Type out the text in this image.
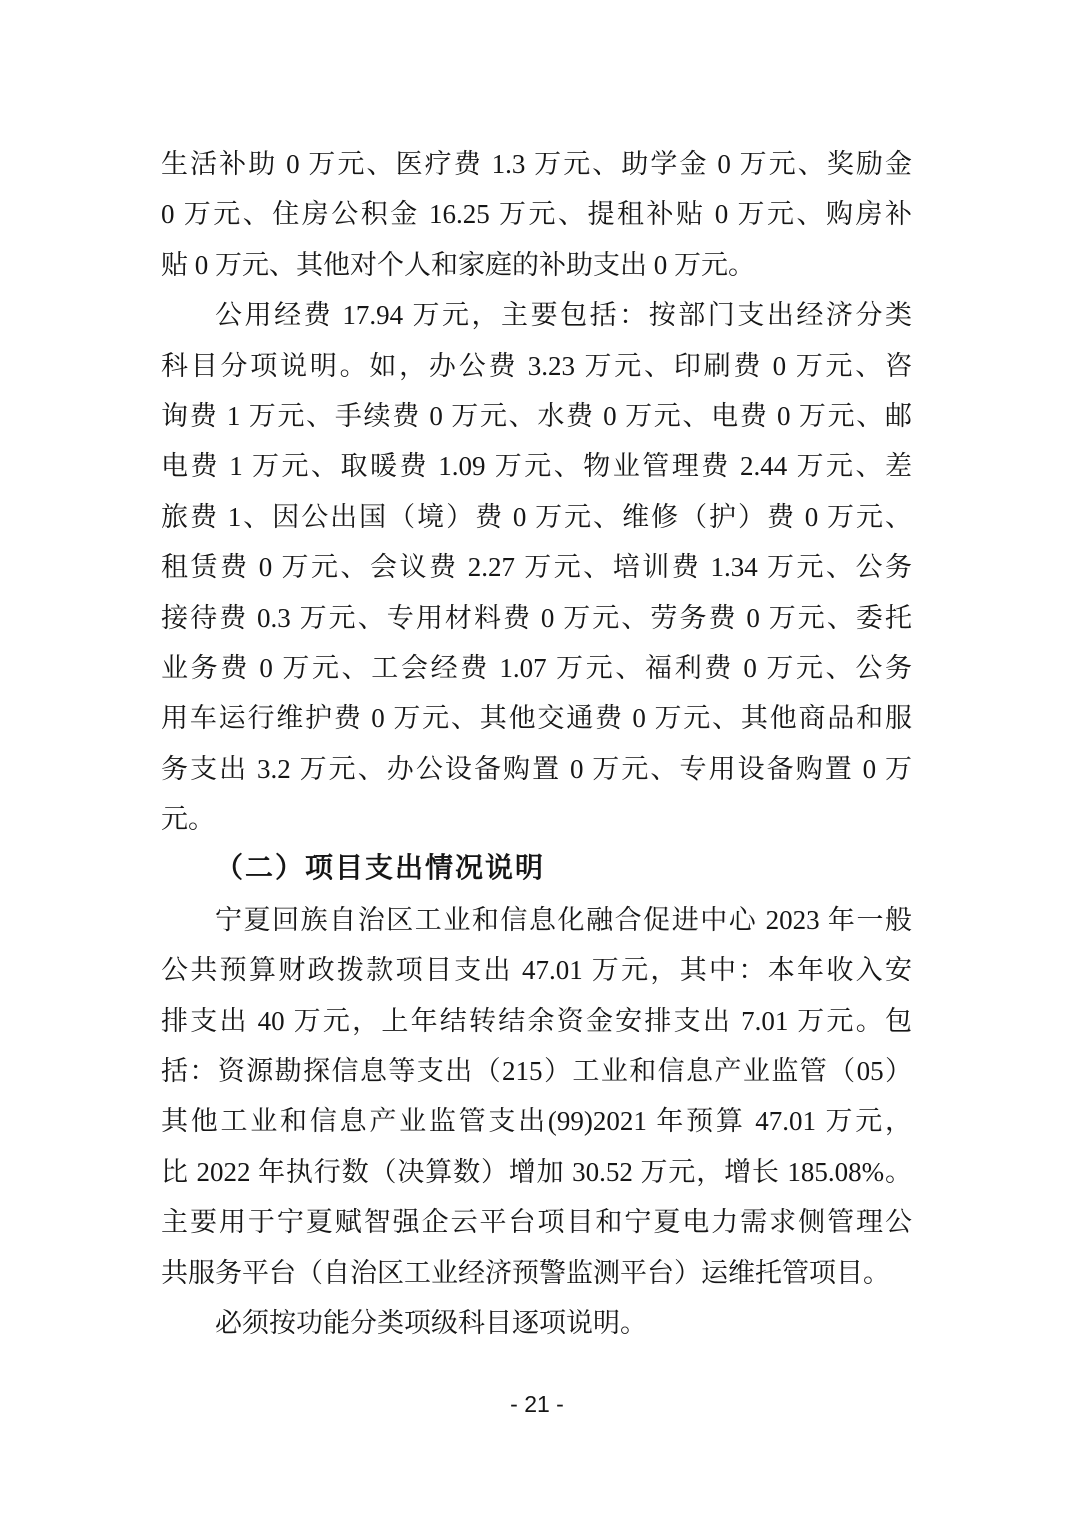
生活补助 0 万元、医疗费 1.3 万元、助学金 0 万元、奖励金
0 万元、住房公积金 16.25 万元、提租补贴 0 万元、购房补
贴 0 万元、其他对个人和家庭的补助支出 0 万元。
公用经费 17.94 万元，主要包括：按部门支出经济分类
科目分项说明。如，办公费 3.23 万元、印刷费 0 万元、咨
询费 1 万元、手续费 0 万元、水费 0 万元、电费 0 万元、邮
电费 1 万元、取暖费 1.09 万元、物业管理费 2.44 万元、差
旅费 1、因公出国（境）费 0 万元、维修（护）费 0 万元、
租赁费 0 万元、会议费 2.27 万元、培训费 1.34 万元、公务
接待费 0.3 万元、专用材料费 0 万元、劳务费 0 万元、委托
业务费 0 万元、工会经费 1.07 万元、福利费 0 万元、公务
用车运行维护费 0 万元、其他交通费 0 万元、其他商品和服
务支出 3.2 万元、办公设备购置 0 万元、专用设备购置 0 万
元。
（二）项目支出情况说明
宁夏回族自治区工业和信息化融合促进中心 2023 年一般
公共预算财政拨款项目支出 47.01 万元，其中：本年收入安
排支出 40 万元，上年结转结余资金安排支出 7.01 万元。包
括：资源勘探信息等支出（215）工业和信息产业监管（05）
其他工业和信息产业监管支出(99)2021 年预算 47.01 万元，
比 2022 年执行数（决算数）增加 30.52 万元，增长 185.08%。
主要用于宁夏赋智强企云平台项目和宁夏电力需求侧管理公
共服务平台（自治区工业经济预警监测平台）运维托管项目。
必须按功能分类项级科目逐项说明。
- 21 -
